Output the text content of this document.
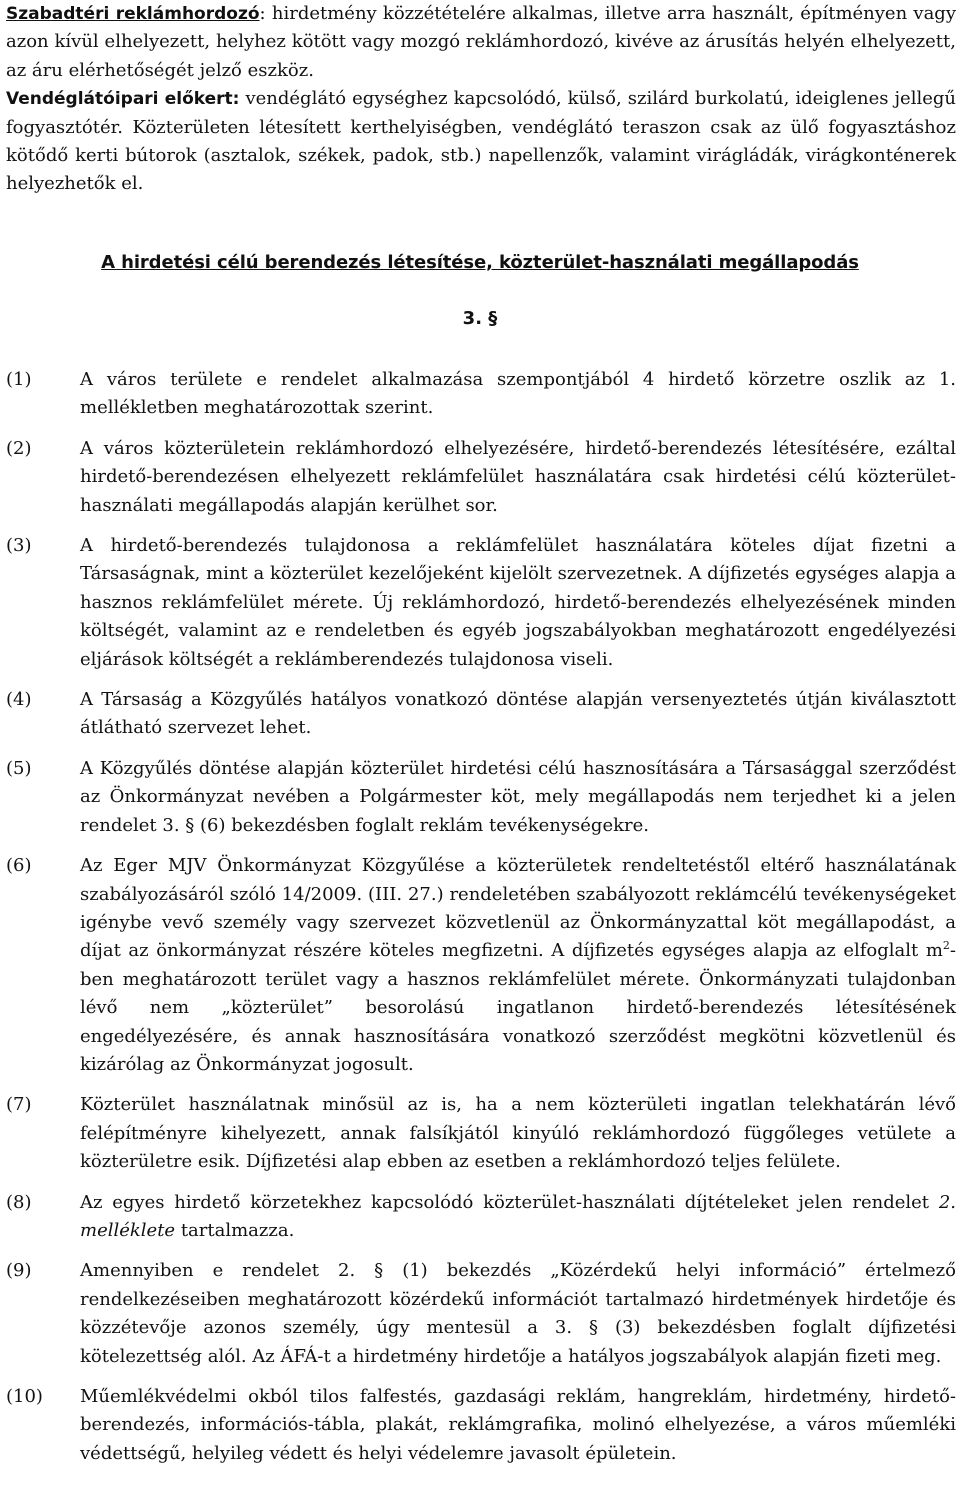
Szabadtéri reklámhordozó: hirdetmény közzétételére alkalmas, illetve arra használt, építményen vagy azon kívül elhelyezett, helyhez kötött vagy mozgó reklámhordozó, kivéve az árusítás helyén elhelyezett, az áru elérhetőségét jelző eszköz.

Vendéglátóipari előkert: vendéglátó egységhez kapcsolódó, külső, szilárd burkolatú, ideiglenes jellegű fogyasztótér. Közterületen létesített kerthelyiségben, vendéglátó teraszon csak az ülő fogyasztáshoz kötődő kerti bútorok (asztalok, székek, padok, stb.) napellenzők, valamint virágládák, virágkonténerek helyezhetők el.

A hirdetési célú berendezés létesítése, közterület-használati megállapodás

3. §

(1)	A város területe e rendelet alkalmazása szempontjából 4 hirdető körzetre oszlik az 1. mellékletben meghatározottak szerint.
(2)	A város közterületein reklámhordozó elhelyezésére, hirdető-berendezés létesítésére, ezáltal hirdető-berendezésen elhelyezett reklámfelület használatára csak hirdetési célú közterület-használati megállapodás alapján kerülhet sor.
(3)	A hirdető-berendezés tulajdonosa a reklámfelület használatára köteles díjat fizetni a Társaságnak, mint a közterület kezelőjeként kijelölt szervezetnek. A díjfizetés egységes alapja a hasznos reklámfelület mérete. Új reklámhordozó, hirdető-berendezés elhelyezésének minden költségét, valamint az e rendeletben és egyéb jogszabályokban meghatározott engedélyezési eljárások költségét a reklámberendezés tulajdonosa viseli.
(4)	A Társaság a Közgyűlés hatályos vonatkozó döntése alapján versenyeztetés útján kiválasztott átlátható szervezet lehet.
(5)	A Közgyűlés döntése alapján közterület hirdetési célú hasznosítására a Társasággal szerződést az Önkormányzat nevében a Polgármester köt, mely megállapodás nem terjedhet ki a jelen rendelet 3. § (6) bekezdésben foglalt reklám tevékenységekre.
(6)	Az Eger MJV Önkormányzat Közgyűlése a közterületek rendeltetéstől eltérő használatának szabályozásáról szóló 14/2009. (III. 27.) rendeletében szabályozott reklámcélú tevékenységeket igénybe vevő személy vagy szervezet közvetlenül az Önkormányzattal köt megállapodást, a díjat az önkormányzat részére köteles megfizetni. A díjfizetés egységes alapja az elfoglalt $m^2$-ben meghatározott terület vagy a hasznos reklámfelület mérete. Önkormányzati tulajdonban lévő nem „közterület” besorolású ingatlanon hirdető-berendezés létesítésének engedélyezésére, és annak hasznosítására vonatkozó szerződést megkötni közvetlenül és kizárólag az Önkormányzat jogosult.
(7)	Közterület használatnak minősül az is, ha a nem közterületi ingatlan telekhatárán lévő felépítményre kihelyezett, annak falsíkjától kinyúló reklámhordozó függőleges vetülete a közterületre esik. Díjfizetési alap ebben az esetben a reklámhordozó teljes felülete.
(8)	Az egyes hirdető körzetekhez kapcsolódó közterület-használati díjtételeket jelen rendelet 2. melléklete tartalmazza.
(9)	Amennyiben e rendelet 2. § (1) bekezdés „Közérdekű helyi információ” értelmező rendelkezéseiben meghatározott közérdekű információt tartalmazó hirdetmények hirdetője és közzétevője azonos személy, úgy mentesül a 3. § (3) bekezdésben foglalt díjfizetési kötelezettség alól. Az ÁFÁ-t a hirdetmény hirdetője a hatályos jogszabályok alapján fizeti meg.
(10)	Műemlékvédelmi okból tilos falfestés, gazdasági reklám, hangreklám, hirdetmény, hirdető-berendezés, információs-tábla, plakát, reklámgrafika, molinó elhelyezése, a város műemléki védettségű, helyileg védett és helyi védelemre javasolt épületein.
